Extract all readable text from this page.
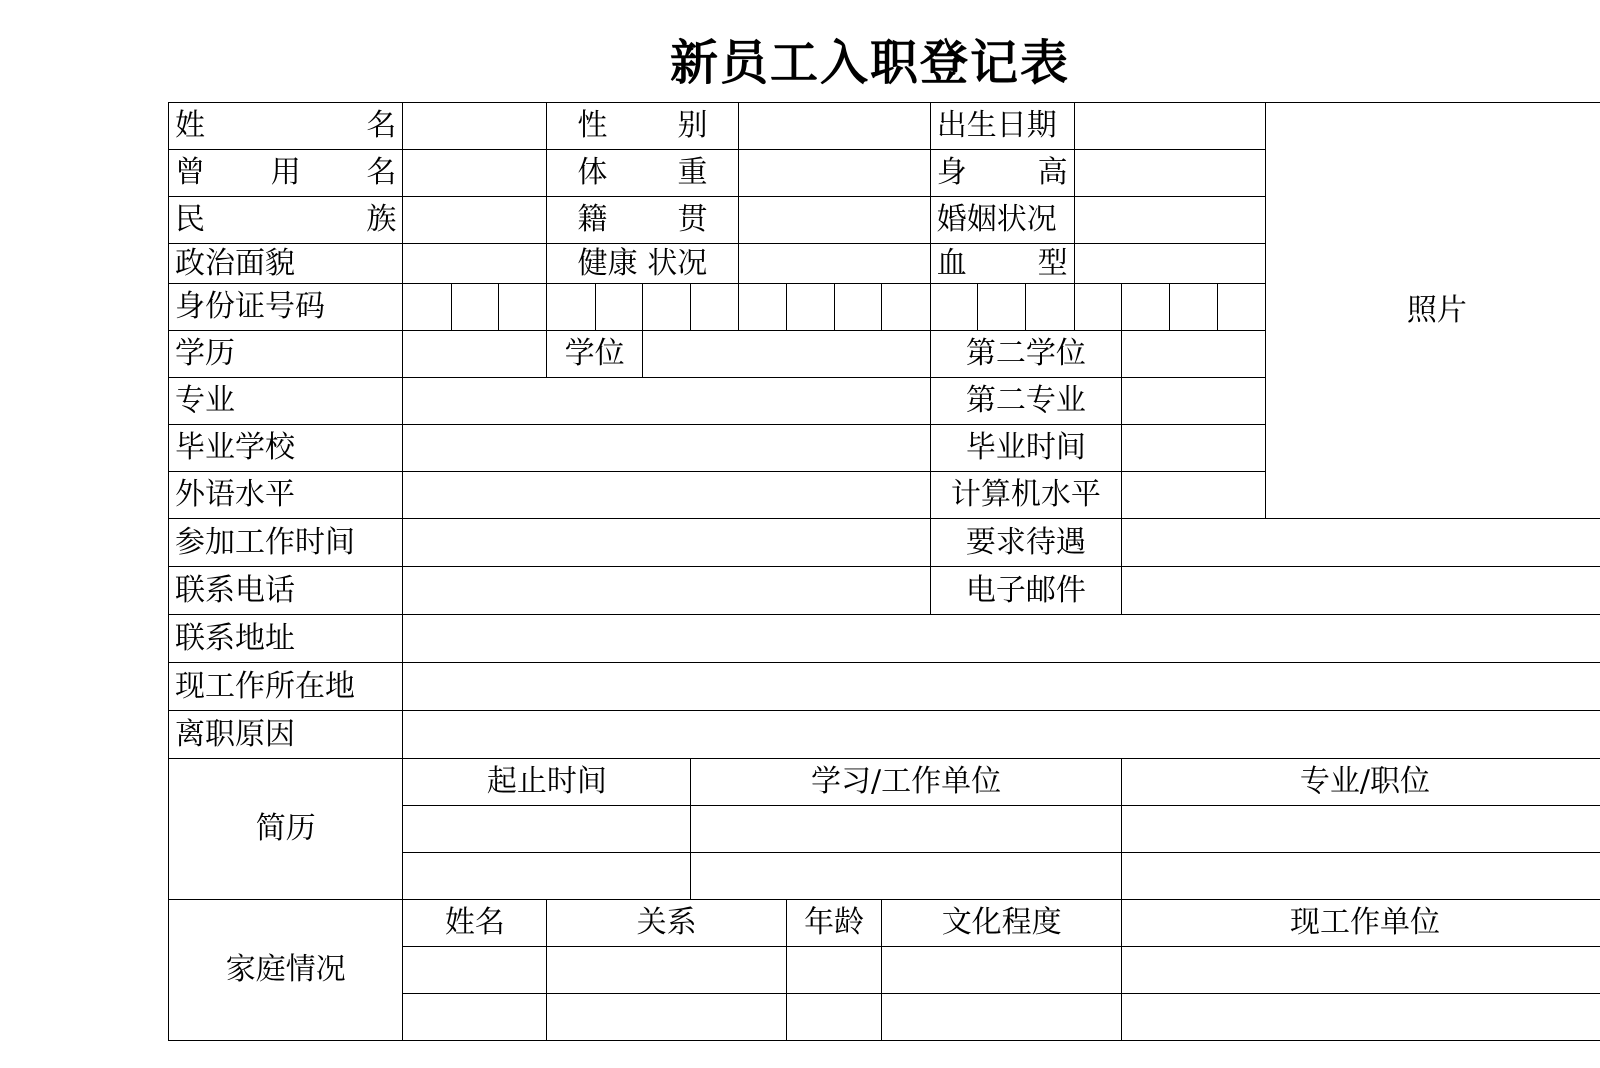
新员工入职登记表
姓　　　名				性　　别								出生日期							照片
曾　用　名				体　　重								身　　高							
民　　　族				籍　　贯								婚姻状况							
政治面貌				健康 状况								血　　型							
身份证号码																			
学历				学位								第二学位							
专业												第二专业							
毕业学校												毕业时间							
外语水平												计算机水平							
参加工作时间												要求待遇							
联系电话												电子邮件							
联系地址																			
现工作所在地																			
离职原因																			
简历	起止时间						学习/工作单位									专业/职位			

家庭情况	姓名			关系					年龄		文化程度					现工作单位			
